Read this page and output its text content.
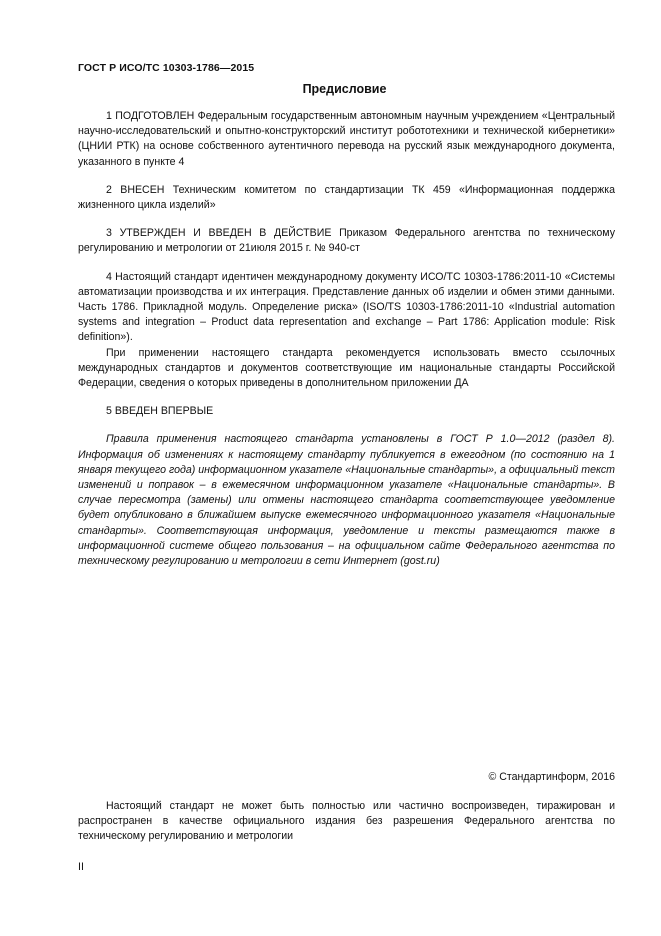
ГОСТ Р ИСО/ТС 10303-1786—2015
Предисловие

1 ПОДГОТОВЛЕН Федеральным государственным автономным научным учреждением «Центральный научно-исследовательский и опытно-конструкторский институт робототехники и технической кибернетики» (ЦНИИ РТК) на основе собственного аутентичного перевода на русский язык международного документа, указанного в пункте 4

2 ВНЕСЕН Техническим комитетом по стандартизации ТК 459 «Информационная поддержка жизненного цикла изделий»

3 УТВЕРЖДЕН И ВВЕДЕН В ДЕЙСТВИЕ Приказом Федерального агентства по техническому регулированию и метрологии от 21июля 2015 г. № 940-ст

4 Настоящий стандарт идентичен международному документу ИСО/ТС 10303-1786:2011-10 «Системы автоматизации производства и их интеграция. Представление данных об изделии и обмен этими данными. Часть 1786. Прикладной модуль. Определение риска» (ISO/TS 10303-1786:2011-10 «Industrial automation systems and integration – Product data representation and exchange – Part 1786: Application module: Risk definition»).

При применении настоящего стандарта рекомендуется использовать вместо ссылочных международных стандартов и документов соответствующие им национальные стандарты Российской Федерации, сведения о которых приведены в дополнительном приложении ДА

5 ВВЕДЕН ВПЕРВЫЕ

Правила применения настоящего стандарта установлены в ГОСТ Р 1.0—2012 (раздел 8). Информация об изменениях к настоящему стандарту публикуется в ежегодном (по состоянию на 1 января текущего года) информационном указателе «Национальные стандарты», а официальный текст изменений и поправок – в ежемесячном информационном указателе «Национальные стандарты». В случае пересмотра (замены) или отмены настоящего стандарта соответствующее уведомление будет опубликовано в ближайшем выпуске ежемесячного информационного указателя «Национальные стандарты». Соответствующая информация, уведомление и тексты размещаются также в информационной системе общего пользования – на официальном сайте Федерального агентства по техническому регулированию и метрологии в сети Интернет (gost.ru)

© Стандартинформ, 2016

Настоящий стандарт не может быть полностью или частично воспроизведен, тиражирован и распространен в качестве официального издания без разрешения Федерального агентства по техническому регулированию и метрологии

II
